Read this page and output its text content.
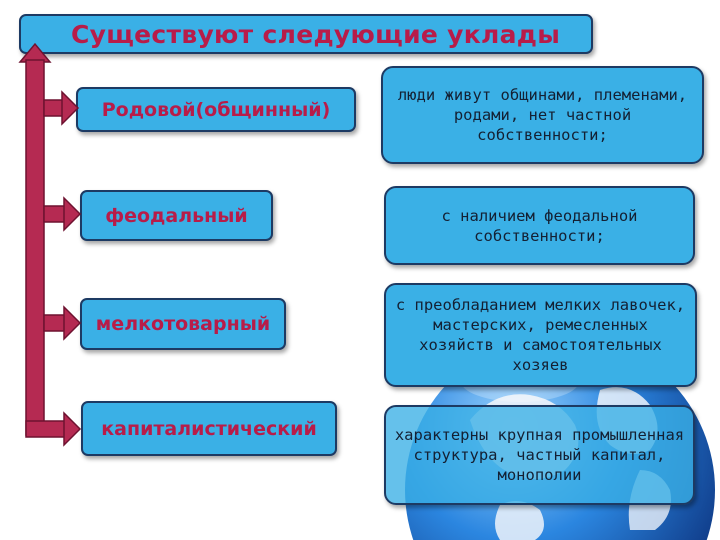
Существуют следующие уклады
Родовой(общинный)
феодальный
мелкотоварный
капиталистический
люди живут общинами, племенами, родами, нет частной собственности;
с наличием феодальной собственности;
с преобладанием мелких лавочек, мастерских, ремесленных хозяйств и самостоятельных хозяев
характерны крупная промышленная структура, частный капитал, монополии
